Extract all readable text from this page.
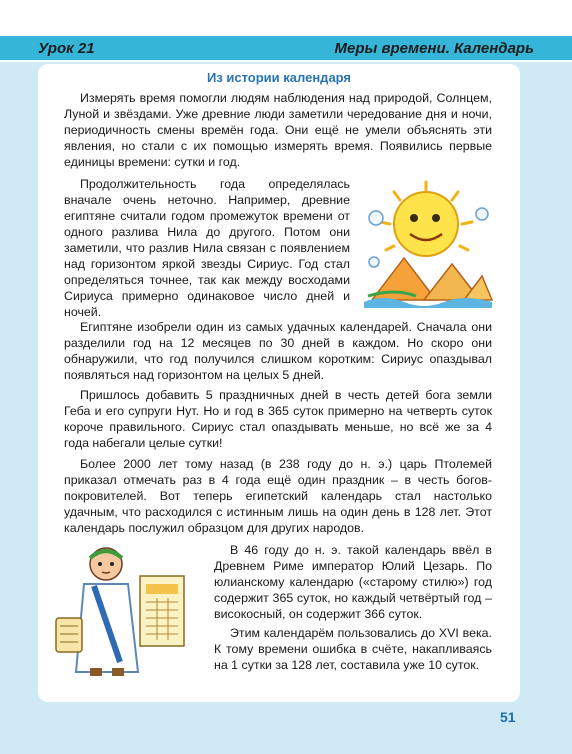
Урок 21	Меры времени. Календарь
Из истории календаря

Измерять время помогли людям наблюдения над природой, Солнцем, Луной и звёздами. Уже древние люди заметили чередование дня и ночи, периодичность смены времён года. Они ещё не умели объяснять эти явления, но стали с их помощью измерять время. Появились первые единицы времени: сутки и год.

Продолжительность года определялась вначале очень неточно. Например, древние египтяне считали годом промежуток времени от одного разлива Нила до другого. Потом они заметили, что разлив Нила связан с появлением над горизонтом яркой звезды Сириус. Год стал определяться точнее, так как между восходами Сириуса примерно одинаковое число дней и ночей.

Египтяне изобрели один из самых удачных календарей. Сначала они разделили год на 12 месяцев по 30 дней в каждом. Но скоро они обнаружили, что год получился слишком коротким: Сириус опаздывал появляться над горизонтом на целых 5 дней.

Пришлось добавить 5 праздничных дней в честь детей бога земли Геба и его супруги Нут. Но и год в 365 суток примерно на четверть суток короче правильного. Сириус стал опаздывать меньше, но всё же за 4 года набегали целые сутки!

Более 2000 лет тому назад (в 238 году до н. э.) царь Птолемей приказал отмечать раз в 4 года ещё один праздник – в честь богов-покровителей. Вот теперь египетский календарь стал настолько удачным, что расходился с истинным лишь на один день в 128 лет. Этот календарь послужил образцом для других народов.

В 46 году до н. э. такой календарь ввёл в Древнем Риме император Юлий Цезарь. По юлианскому календарю («старому стилю») год содержит 365 суток, но каждый четвёртый год – високосный, он содержит 366 суток.

Этим календарём пользовались до XVI века. К тому времени ошибка в счёте, накапливаясь на 1 сутки за 128 лет, составила уже 10 суток.

51
